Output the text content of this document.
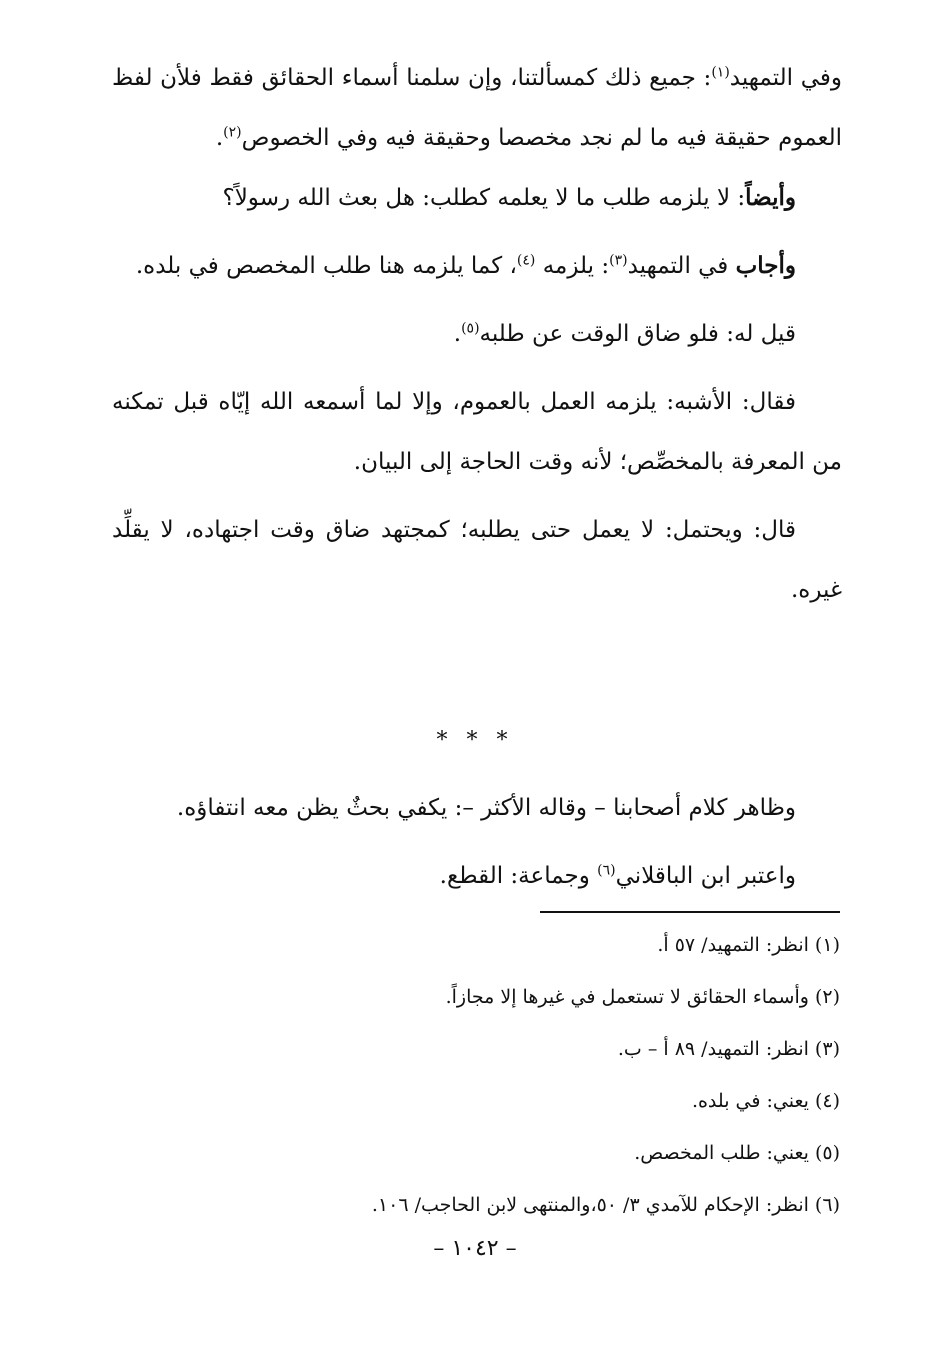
وفي التمهيد$^{(١)}$: جميع ذلك كمسألتنا، وإن سلمنا أسماء الحقائق فقط فلأن لفظ العموم حقيقة فيه ما لم نجد مخصصا وحقيقة فيه وفي الخصوص$^{(٢)}$.

وأيضاً: لا يلزمه طلب ما لا يعلمه كطلب: هل بعث الله رسولاً؟

وأجاب في التمهيد$^{(٣)}$: يلزمه $^{(٤)}$، كما يلزمه هنا طلب المخصص في بلده.

قيل له: فلو ضاق الوقت عن طلبه$^{(٥)}$.

فقال: الأشبه: يلزمه العمل بالعموم، وإلا لما أسمعه الله إيّاه قبل تمكنه من المعرفة بالمخصِّص؛ لأنه وقت الحاجة إلى البيان.

قال: ويحتمل: لا يعمل حتى يطلبه؛ كمجتهد ضاق وقت اجتهاده، لا يقلِّد غيره.

* * *

وظاهر كلام أصحابنا – وقاله الأكثر –: يكفي بحثٌ يظن معه انتفاؤه.

واعتبر ابن الباقلاني$^{(٦)}$ وجماعة: القطع.

(١) انظر: التمهيد/ ٥٧ أ.
(٢) وأسماء الحقائق لا تستعمل في غيرها إلا مجازاً.
(٣) انظر: التمهيد/ ٨٩ أ – ب.
(٤) يعني: في بلده.
(٥) يعني: طلب المخصص.
(٦) انظر: الإحكام للآمدي ٣/ ٥٠،والمنتهى لابن الحاجب/ ١٠٦.
– ١٠٤٢ –
